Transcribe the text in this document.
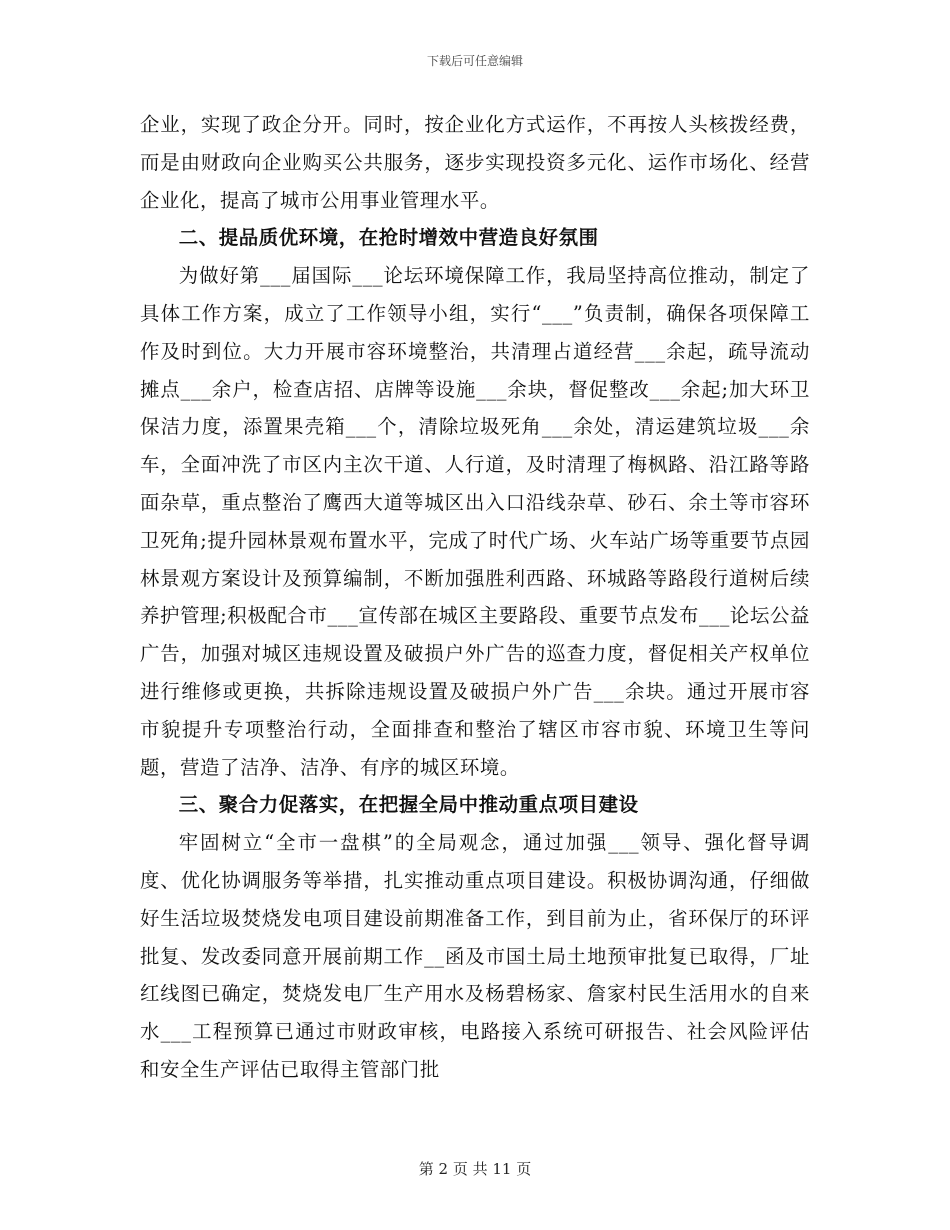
下载后可任意编辑

企业，实现了政企分开。同时，按企业化方式运作，不再按人头核拨经费，而是由财政向企业购买公共服务，逐步实现投资多元化、运作市场化、经营企业化，提高了城市公用事业管理水平。

二、提品质优环境，在抢时增效中营造良好氛围

为做好第___届国际___论坛环境保障工作，我局坚持高位推动，制定了具体工作方案，成立了工作领导小组，实行“___”负责制，确保各项保障工作及时到位。大力开展市容环境整治，共清理占道经营___余起，疏导流动摊点___余户，检查店招、店牌等设施___余块，督促整改___余起;加大环卫保洁力度，添置果壳箱___个，清除垃圾死角___余处，清运建筑垃圾___余车，全面冲洗了市区内主次干道、人行道，及时清理了梅枫路、沿江路等路面杂草，重点整治了鹰西大道等城区出入口沿线杂草、砂石、余土等市容环卫死角;提升园林景观布置水平，完成了时代广场、火车站广场等重要节点园林景观方案设计及预算编制，不断加强胜利西路、环城路等路段行道树后续养护管理;积极配合市___宣传部在城区主要路段、重要节点发布___论坛公益广告，加强对城区违规设置及破损户外广告的巡查力度，督促相关产权单位进行维修或更换，共拆除违规设置及破损户外广告___余块。通过开展市容市貌提升专项整治行动，全面排查和整治了辖区市容市貌、环境卫生等问题，营造了洁净、洁净、有序的城区环境。

三、聚合力促落实，在把握全局中推动重点项目建设

牢固树立“全市一盘棋”的全局观念，通过加强___领导、强化督导调度、优化协调服务等举措，扎实推动重点项目建设。积极协调沟通，仔细做好生活垃圾焚烧发电项目建设前期准备工作，到目前为止，省环保厅的环评批复、发改委同意开展前期工作__函及市国土局土地预审批复已取得，厂址红线图已确定，焚烧发电厂生产用水及杨碧杨家、詹家村民生活用水的自来水___工程预算已通过市财政审核，电路接入系统可研报告、社会风险评估和安全生产评估已取得主管部门批

第 2 页 共 11 页
